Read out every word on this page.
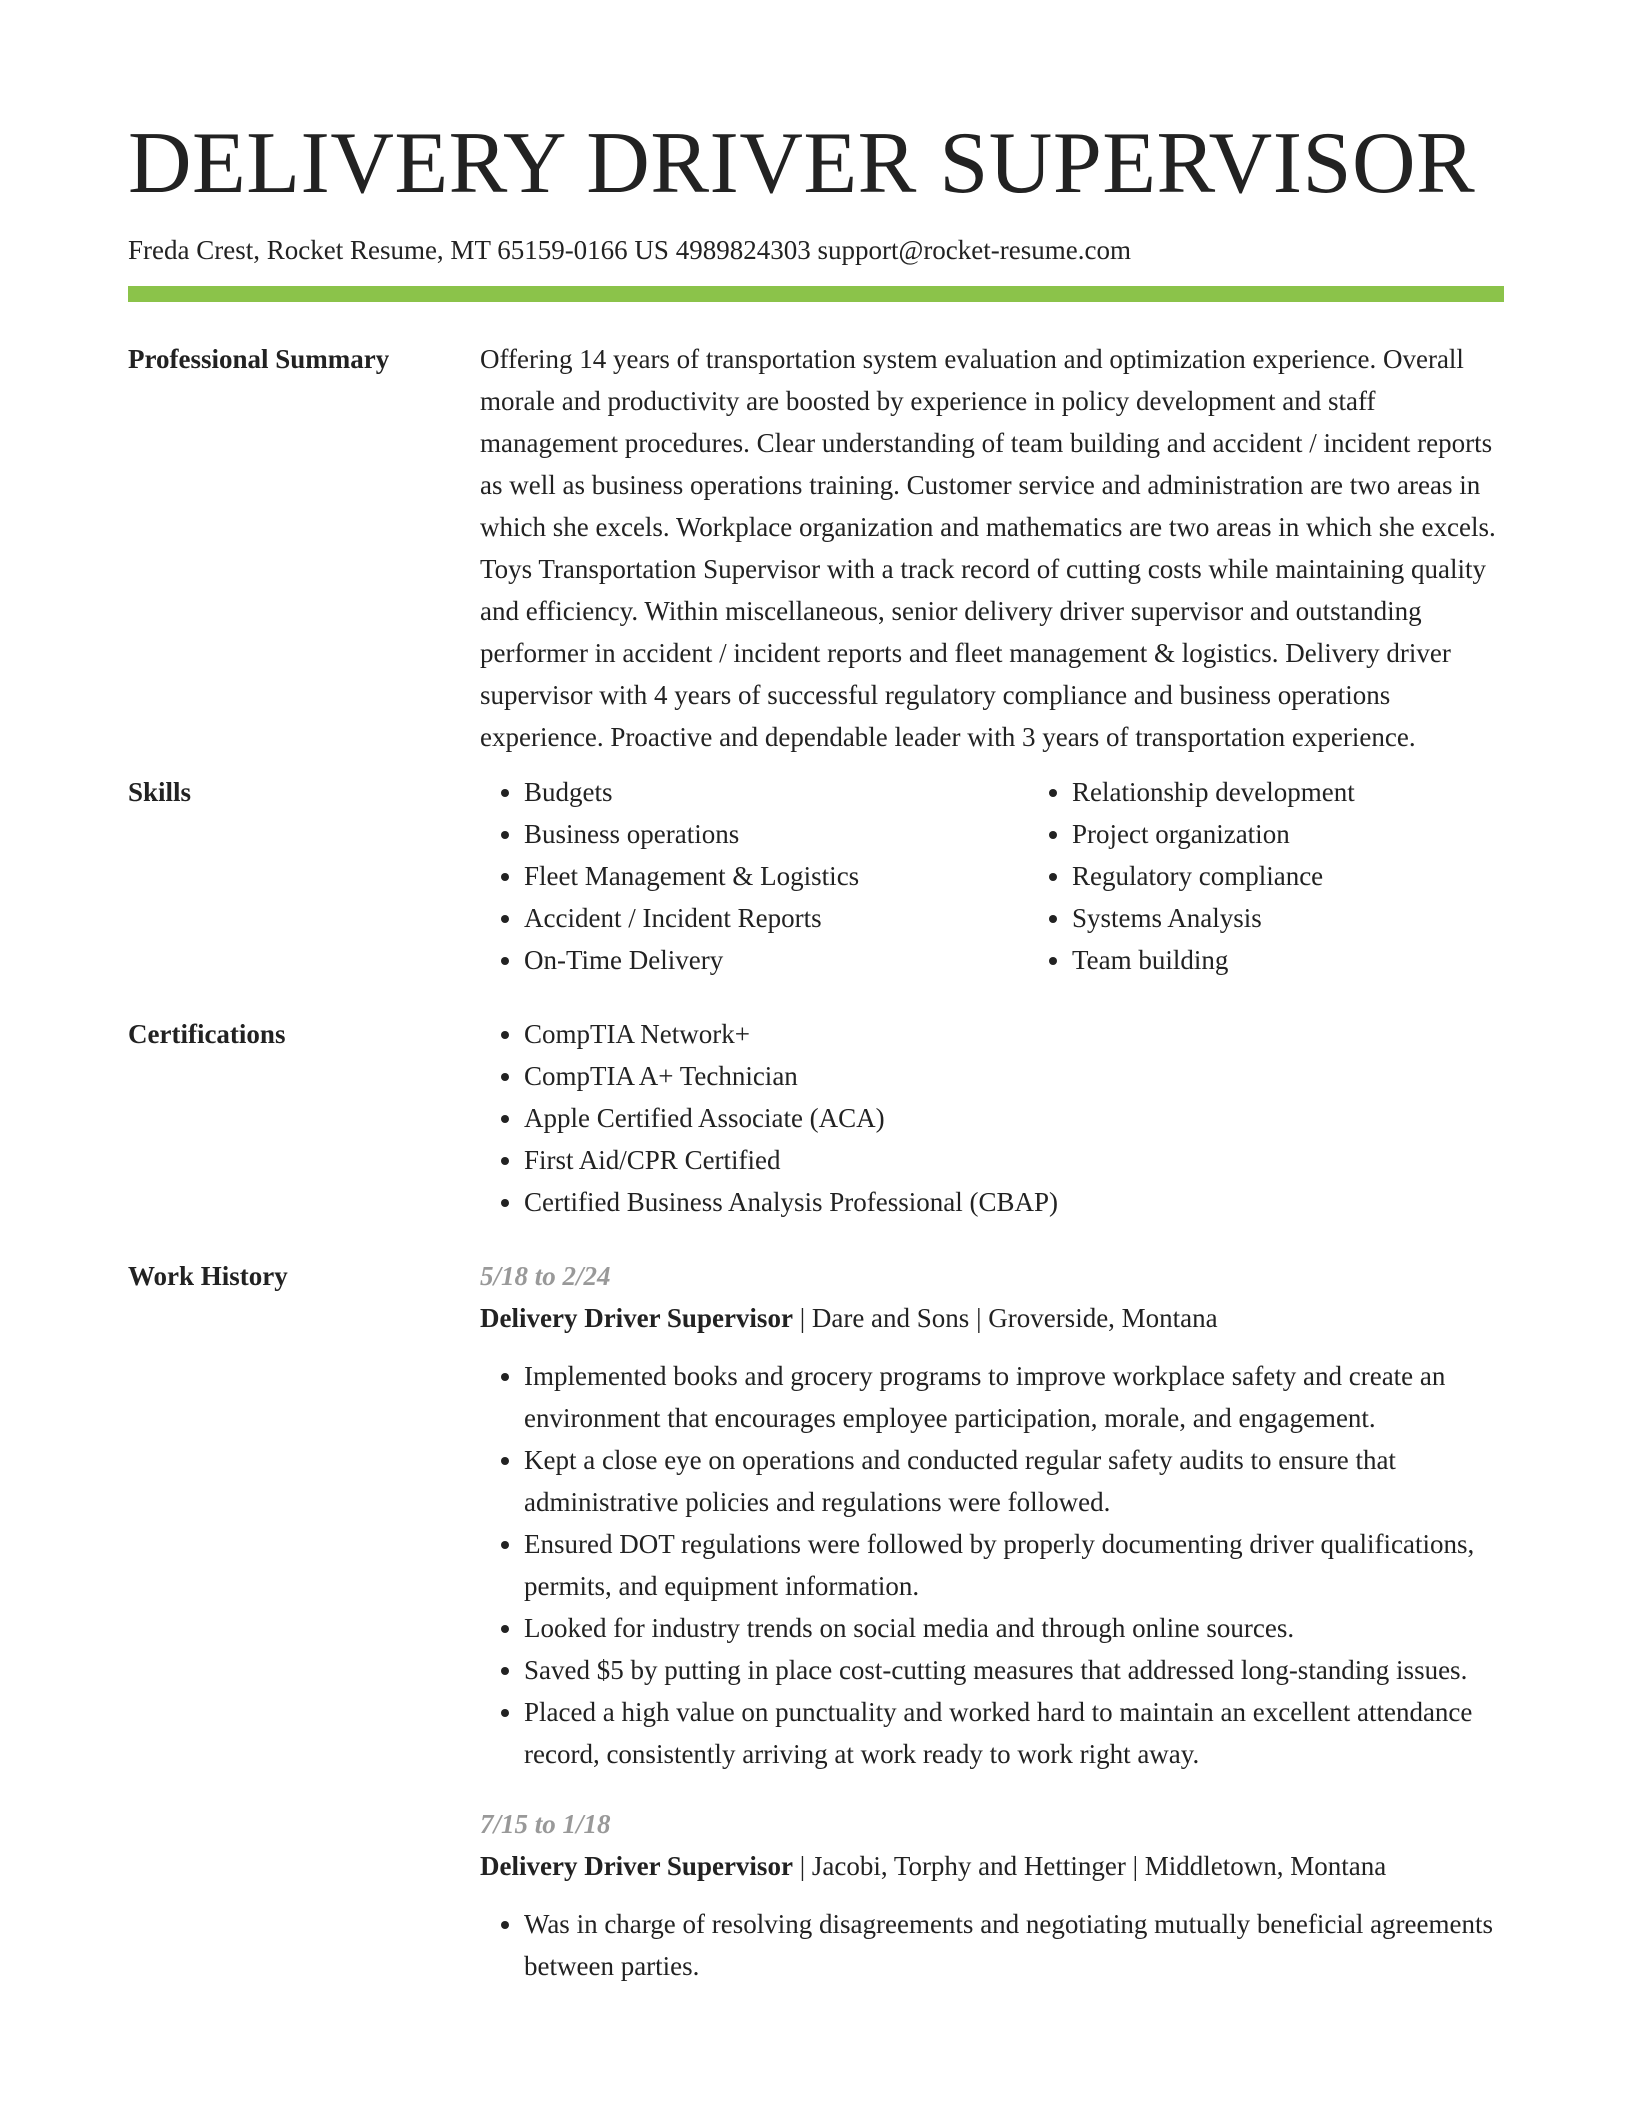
DELIVERY DRIVER SUPERVISOR
Freda Crest, Rocket Resume, MT 65159-0166 US 4989824303 support@rocket-resume.com
Professional Summary	Offering 14 years of transportation system evaluation and optimization experience. Overall morale and productivity are boosted by experience in policy development and staff management procedures. Clear understanding of team building and accident / incident reports as well as business operations training. Customer service and administration are two areas in which she excels. Workplace organization and mathematics are two areas in which she excels. Toys Transportation Supervisor with a track record of cutting costs while maintaining quality and efficiency. Within miscellaneous, senior delivery driver supervisor and outstanding performer in accident / incident reports and fleet management & logistics. Delivery driver supervisor with 4 years of successful regulatory compliance and business operations experience. Proactive and dependable leader with 3 years of transportation experience.

Skills	• Budgets
• Business operations
• Fleet Management & Logistics
• Accident / Incident Reports
• On-Time Delivery
• Relationship development
• Project organization
• Regulatory compliance
• Systems Analysis
• Team building
Certifications	• CompTIA Network+
• CompTIA A+ Technician
• Apple Certified Associate (ACA)
• First Aid/CPR Certified
• Certified Business Analysis Professional (CBAP)
Work History	5/18 to 2/24
Delivery Driver Supervisor | Dare and Sons | Groverside, Montana
• Implemented books and grocery programs to improve workplace safety and create an environment that encourages employee participation, morale, and engagement.
• Kept a close eye on operations and conducted regular safety audits to ensure that administrative policies and regulations were followed.
• Ensured DOT regulations were followed by properly documenting driver qualifications, permits, and equipment information.
• Looked for industry trends on social media and through online sources.
• Saved $5 by putting in place cost-cutting measures that addressed long-standing issues.
• Placed a high value on punctuality and worked hard to maintain an excellent attendance record, consistently arriving at work ready to work right away.
7/15 to 1/18
Delivery Driver Supervisor | Jacobi, Torphy and Hettinger | Middletown, Montana
• Was in charge of resolving disagreements and negotiating mutually beneficial agreements between parties.
